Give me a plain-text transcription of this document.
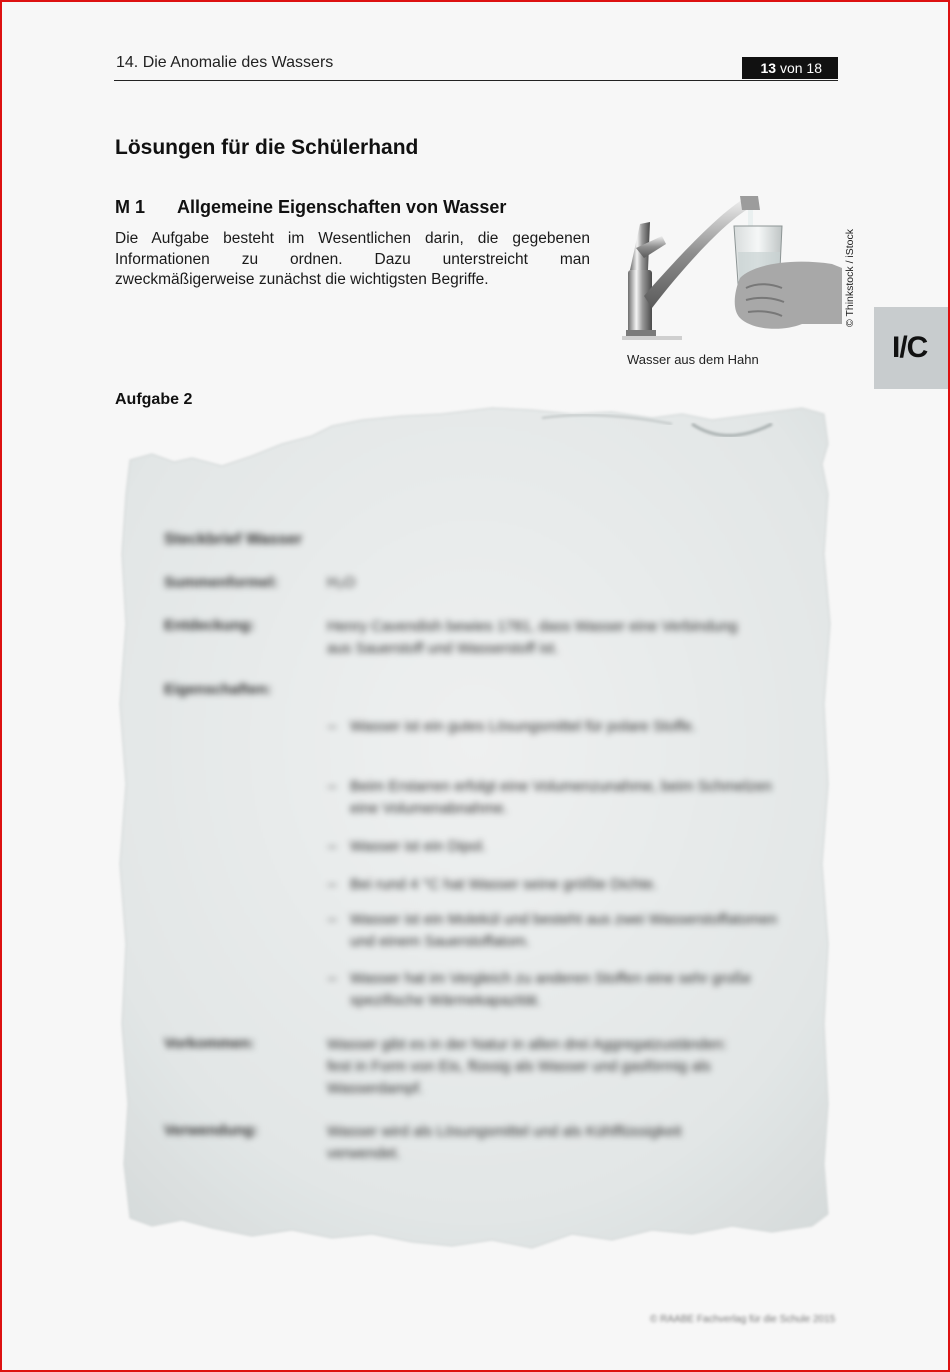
14. Die Anomalie des Wassers	13 von 18
Lösungen für die Schülerhand
M 1 Allgemeine Eigenschaften von Wasser
Die Aufgabe besteht im Wesentlichen darin, die gegebenen Informationen zu ordnen. Dazu unterstreicht man zweckmäßigerweise zunächst die wichtigsten Begriffe.
Wasser aus dem Hahn
© Thinkstock / iStock
I/C
Aufgabe 2
Steckbrief Wasser
Summenformel:	H₂O
Entdeckung:	Henry Cavendish bewies 1781, dass Wasser eine Verbindung aus Sauerstoff und Wasserstoff ist.
Eigenschaften:
– Wasser ist ein gutes Lösungsmittel für polare Stoffe.
– Beim Erstarren erfolgt eine Volumenzunahme, beim Schmelzen eine Volumenabnahme.
– Wasser ist ein Dipol.
– Bei rund 4 °C hat Wasser seine größte Dichte.
– Wasser ist ein Molekül und besteht aus zwei Wasserstoffatomen und einem Sauerstoffatom.
– Wasser hat im Vergleich zu anderen Stoffen eine sehr große spezifische Wärmekapazität.
Vorkommen:	Wasser gibt es in der Natur in allen drei Aggregatzuständen: fest in Form von Eis, flüssig als Wasser und gasförmig als Wasserdampf.
Verwendung:	Wasser wird als Lösungsmittel und als Kühlflüssigkeit verwendet.
© RAABE Fachverlag für die Schule 2015
